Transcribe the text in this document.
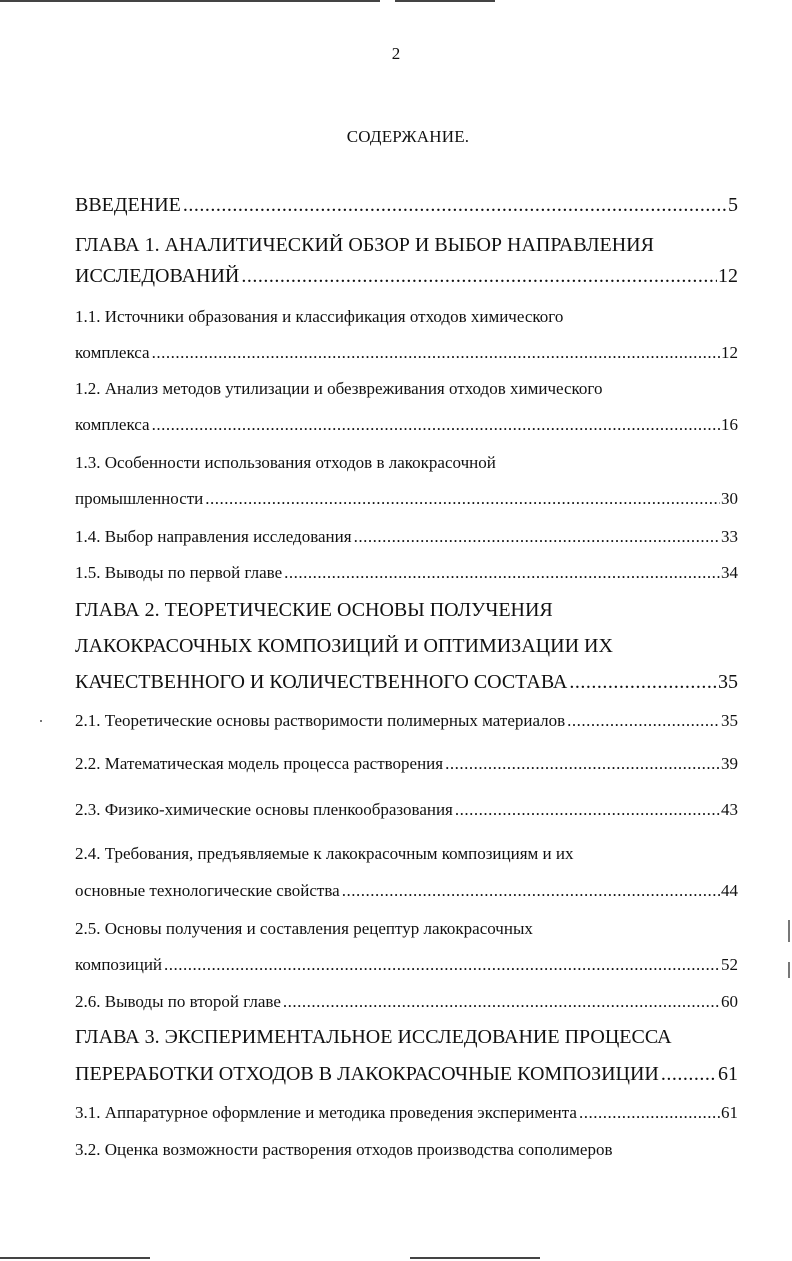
2
СОДЕРЖАНИЕ.
ВВЕДЕНИЕ .....	5
ГЛАВА 1. АНАЛИТИЧЕСКИЙ ОБЗОР И ВЫБОР НАПРАВЛЕНИЯ
ИССЛЕДОВАНИЙ .....	12
1.1. Источники образования и классификация отходов химического
комплекса .....	12
1.2. Анализ методов утилизации и обезвреживания отходов химического
комплекса .....	16
1.3. Особенности использования отходов в лакокрасочной
промышленности .....	30
1.4. Выбор направления исследования .....	33
1.5. Выводы по первой главе .....	34
ГЛАВА 2. ТЕОРЕТИЧЕСКИЕ ОСНОВЫ ПОЛУЧЕНИЯ
ЛАКОКРАСОЧНЫХ КОМПОЗИЦИЙ И ОПТИМИЗАЦИИ ИХ
КАЧЕСТВЕННОГО И КОЛИЧЕСТВЕННОГО СОСТАВА .....	35
2.1. Теоретические основы растворимости полимерных материалов .....	35
2.2. Математическая модель процесса растворения .....	39
2.3. Физико-химические основы пленкообразования .....	43
2.4. Требования, предъявляемые к лакокрасочным композициям и их
основные технологические свойства .....	44
2.5. Основы получения и составления рецептур лакокрасочных
композиций .....	52
2.6. Выводы по второй главе .....	60
ГЛАВА 3. ЭКСПЕРИМЕНТАЛЬНОЕ ИССЛЕДОВАНИЕ ПРОЦЕССА
ПЕРЕРАБОТКИ ОТХОДОВ В ЛАКОКРАСОЧНЫЕ КОМПОЗИЦИИ .....	61
3.1. Аппаратурное оформление и методика проведения эксперимента .....	61
3.2. Оценка возможности растворения отходов производства сополимеров
